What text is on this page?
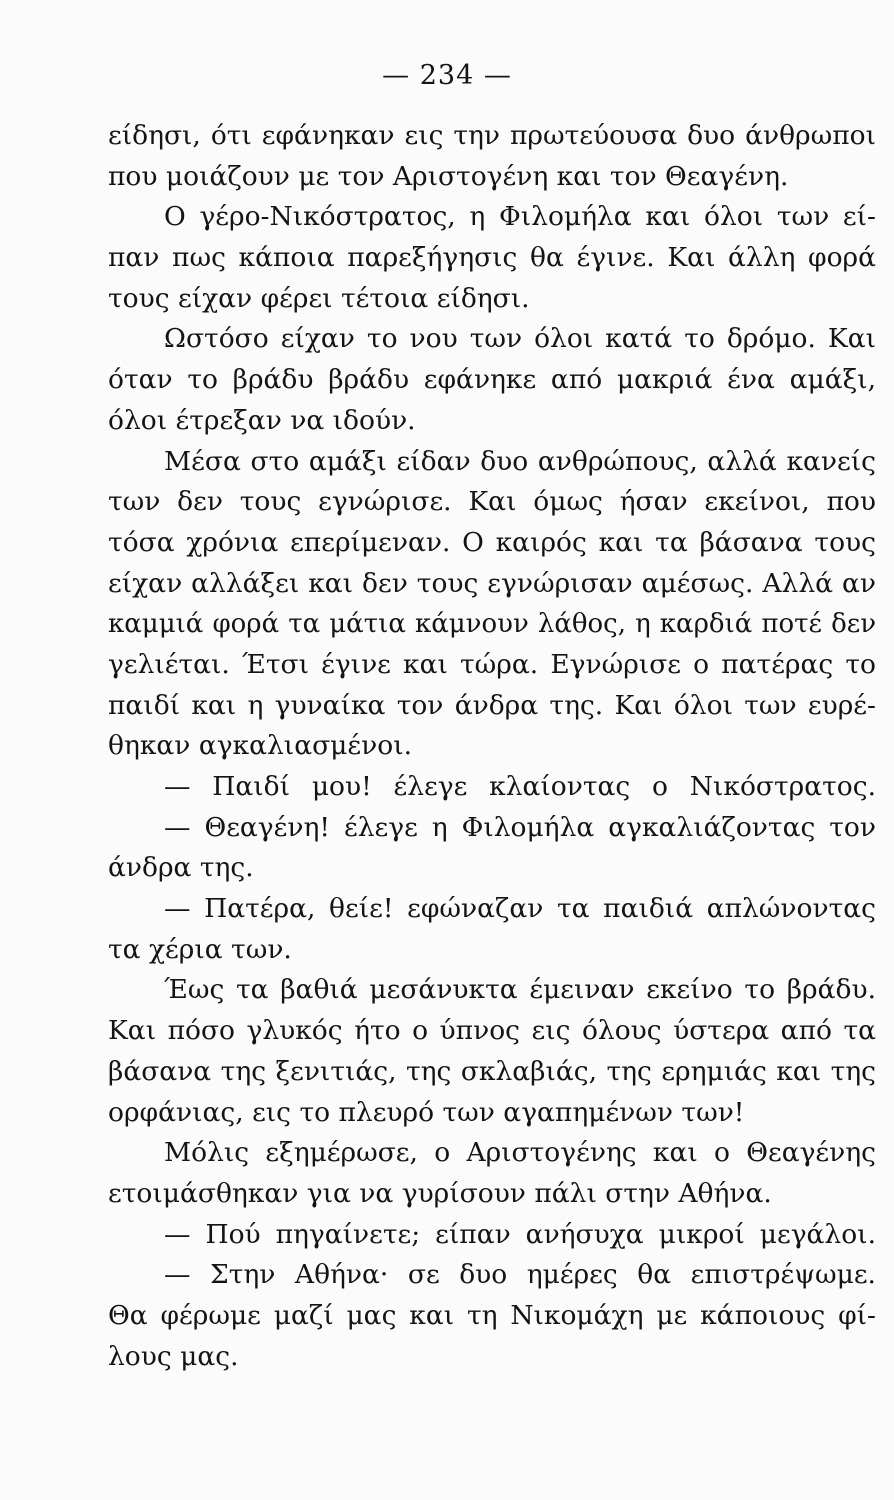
— 234 —
είδησι, ότι εφάνηκαν εις την πρωτεύουσα δυο άνθρωποι
που μοιάζουν με τον Αριστογένη και τον Θεαγένη.
Ο γέρο-Νικόστρατος, η Φιλομήλα και όλοι των εί-
παν πως κάποια παρεξήγησις θα έγινε. Και άλλη φορά
τους είχαν φέρει τέτοια είδησι.
Ωστόσο είχαν το νου των όλοι κατά το δρόμο. Και
όταν το βράδυ βράδυ εφάνηκε από μακριά ένα αμάξι,
όλοι έτρεξαν να ιδούν.
Μέσα στο αμάξι είδαν δυο ανθρώπους, αλλά κανείς
των δεν τους εγνώρισε. Και όμως ήσαν εκείνοι, που
τόσα χρόνια επερίμεναν. Ο καιρός και τα βάσανα τους
είχαν αλλάξει και δεν τους εγνώρισαν αμέσως. Αλλά αν
καμμιά φορά τα μάτια κάμνουν λάθος, η καρδιά ποτέ δεν
γελιέται. Έτσι έγινε και τώρα. Εγνώρισε ο πατέρας το
παιδί και η γυναίκα τον άνδρα της. Και όλοι των ευρέ-
θηκαν αγκαλιασμένοι.
— Παιδί μου! έλεγε κλαίοντας ο Νικόστρατος.
— Θεαγένη! έλεγε η Φιλομήλα αγκαλιάζοντας τον
άνδρα της.
— Πατέρα, θείε! εφώναζαν τα παιδιά απλώνοντας
τα χέρια των.
Έως τα βαθιά μεσάνυκτα έμειναν εκείνο το βράδυ.
Και πόσο γλυκός ήτο ο ύπνος εις όλους ύστερα από τα
βάσανα της ξενιτιάς, της σκλαβιάς, της ερημιάς και της
ορφάνιας, εις το πλευρό των αγαπημένων των!
Μόλις εξημέρωσε, ο Αριστογένης και ο Θεαγένης
ετοιμάσθηκαν για να γυρίσουν πάλι στην Αθήνα.
— Πού πηγαίνετε; είπαν ανήσυχα μικροί μεγάλοι.
— Στην Αθήνα· σε δυο ημέρες θα επιστρέψωμε.
Θα φέρωμε μαζί μας και τη Νικομάχη με κάποιους φί-
λους μας.
